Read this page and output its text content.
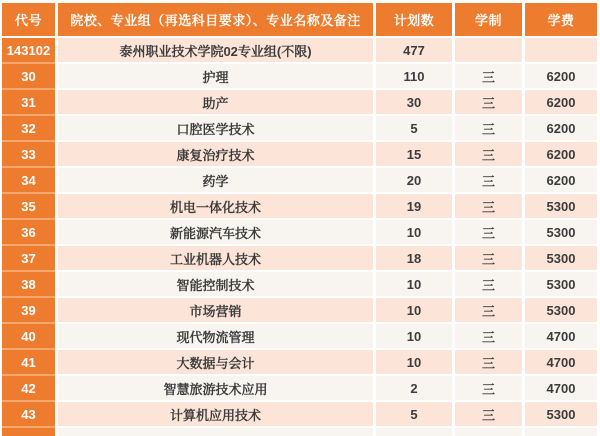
代号	院校、专业组（再选科目要求）、专业名称及备注	计划数	学制	学费
143102	泰州职业技术学院02专业组(不限)	477
30	护理	110	三	6200
31	助产	30	三	6200
32	口腔医学技术	5	三	6200
33	康复治疗技术	15	三	6200
34	药学	20	三	6200
35	机电一体化技术	19	三	5300
36	新能源汽车技术	10	三	5300
37	工业机器人技术	18	三	5300
38	智能控制技术	10	三	5300
39	市场营销	10	三	5300
40	现代物流管理	10	三	4700
41	大数据与会计	10	三	4700
42	智慧旅游技术应用	2	三	4700
43	计算机应用技术	5	三	5300
